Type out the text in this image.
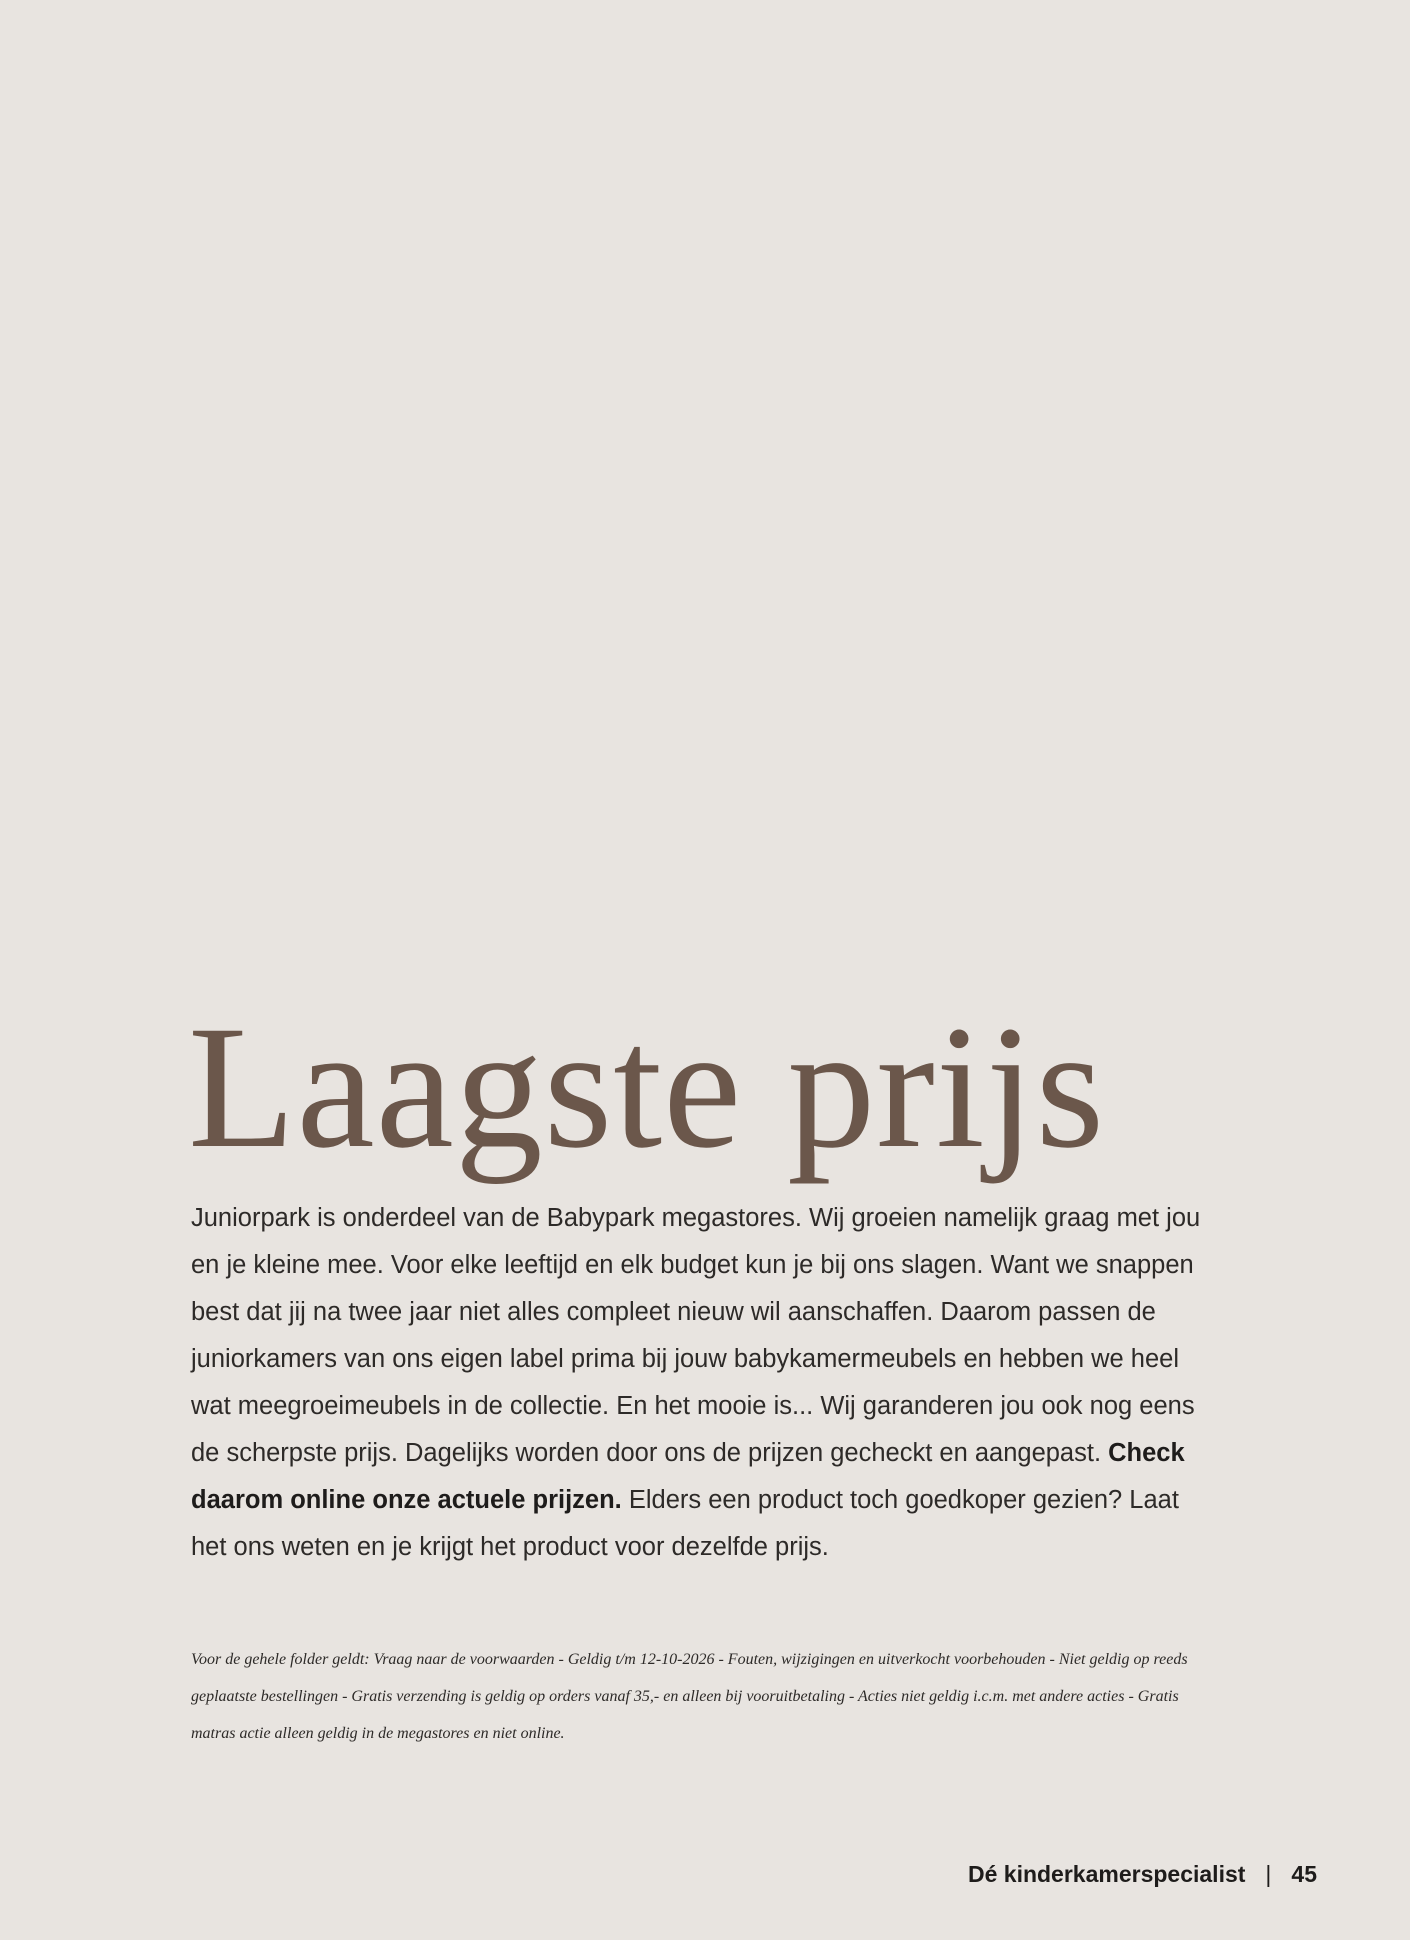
Laagste prijs

Juniorpark is onderdeel van de Babypark megastores. Wij groeien namelijk graag met jou en je kleine mee. Voor elke leeftijd en elk budget kun je bij ons slagen. Want we snappen best dat jij na twee jaar niet alles compleet nieuw wil aanschaffen. Daarom passen de juniorkamers van ons eigen label prima bij jouw babykamermeubels en hebben we heel wat meegroeimeubels in de collectie. En het mooie is... Wij garanderen jou ook nog eens de scherpste prijs. Dagelijks worden door ons de prijzen gecheckt en aangepast. Check daarom online onze actuele prijzen. Elders een product toch goedkoper gezien? Laat het ons weten en je krijgt het product voor dezelfde prijs.

Voor de gehele folder geldt: Vraag naar de voorwaarden - Geldig t/m 12-10-2026 - Fouten, wijzigingen en uitverkocht voorbehouden - Niet geldig op reeds geplaatste bestellingen - Gratis verzending is geldig op orders vanaf 35,- en alleen bij vooruitbetaling - Acties niet geldig i.c.m. met andere acties - Gratis matras actie alleen geldig in de megastores en niet online.

Dé kinderkamerspecialist | 45
